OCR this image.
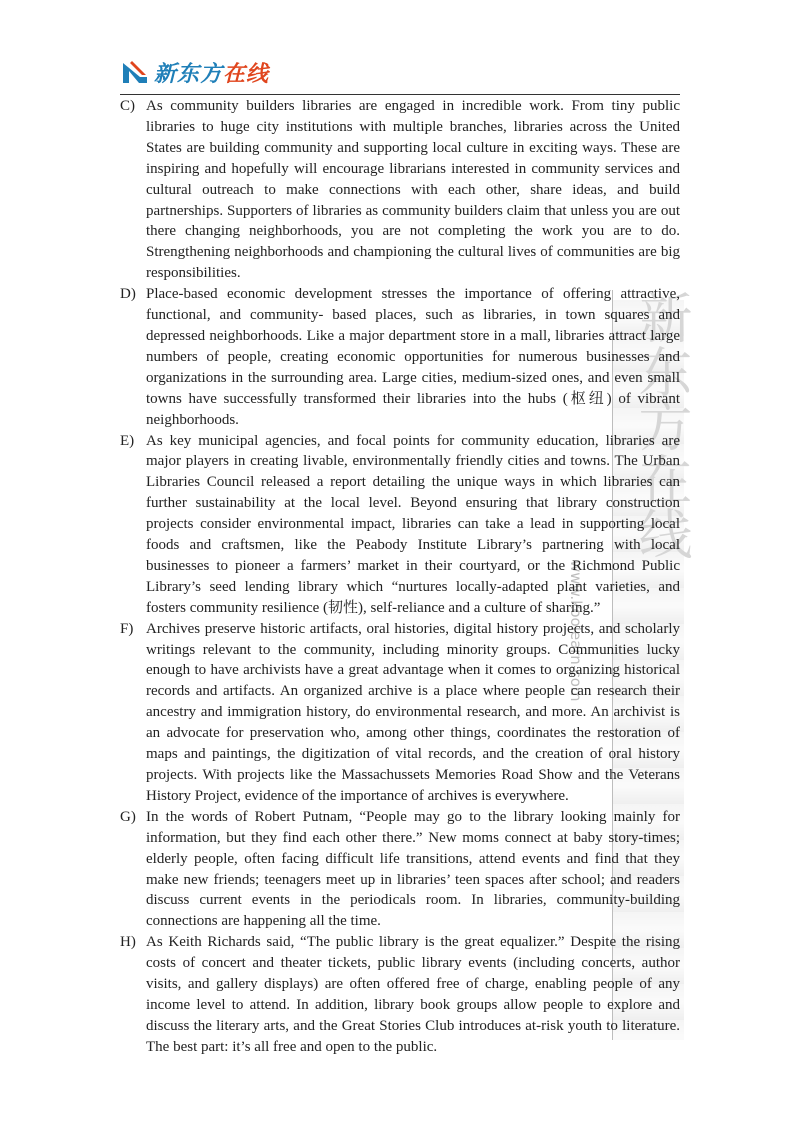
新东方在线
www.koolearn.com
新东方在线
C) As community builders libraries are engaged in incredible work. From tiny public libraries to huge city institutions with multiple branches, libraries across the United States are building community and supporting local culture in exciting ways. These are inspiring and hopefully will encourage librarians interested in community services and cultural outreach to make connections with each other, share ideas, and build partnerships. Supporters of libraries as community builders claim that unless you are out there changing neighborhoods, you are not completing the work you are to do. Strengthening neighborhoods and championing the cultural lives of communities are big responsibilities.
D) Place-based economic development stresses the importance of offering attractive, functional, and community- based places, such as libraries, in town squares and depressed neighborhoods. Like a major department store in a mall, libraries attract large numbers of people, creating economic opportunities for numerous businesses and organizations in the surrounding area. Large cities, medium-sized ones, and even small towns have successfully transformed their libraries into the hubs (枢纽) of vibrant neighborhoods.
E) As key municipal agencies, and focal points for community education, libraries are major players in creating livable, environmentally friendly cities and towns. The Urban Libraries Council released a report detailing the unique ways in which libraries can further sustainability at the local level. Beyond ensuring that library construction projects consider environmental impact, libraries can take a lead in supporting local foods and craftsmen, like the Peabody Institute Library’s partnering with local businesses to pioneer a farmers’ market in their courtyard, or the Richmond Public Library’s seed lending library which “nurtures locally-adapted plant varieties, and fosters community resilience (韧性), self-reliance and a culture of sharing.”
F) Archives preserve historic artifacts, oral histories, digital history projects, and scholarly writings relevant to the community, including minority groups. Communities lucky enough to have archivists have a great advantage when it comes to organizing historical records and artifacts. An organized archive is a place where people can research their ancestry and immigration history, do environmental research, and more. An archivist is an advocate for preservation who, among other things, coordinates the restoration of maps and paintings, the digitization of vital records, and the creation of oral history projects. With projects like the Massachussets Memories Road Show and the Veterans History Project, evidence of the importance of archives is everywhere.
G) In the words of Robert Putnam, “People may go to the library looking mainly for information, but they find each other there.” New moms connect at baby story-times; elderly people, often facing difficult life transitions, attend events and find that they make new friends; teenagers meet up in libraries’ teen spaces after school; and readers discuss current events in the periodicals room. In libraries, community-building connections are happening all the time.
H) As Keith Richards said, “The public library is the great equalizer.” Despite the rising costs of concert and theater tickets, public library events (including concerts, author visits, and gallery displays) are often offered free of charge, enabling people of any income level to attend. In addition, library book groups allow people to explore and discuss the literary arts, and the Great Stories Club introduces at-risk youth to literature. The best part: it’s all free and open to the public.
